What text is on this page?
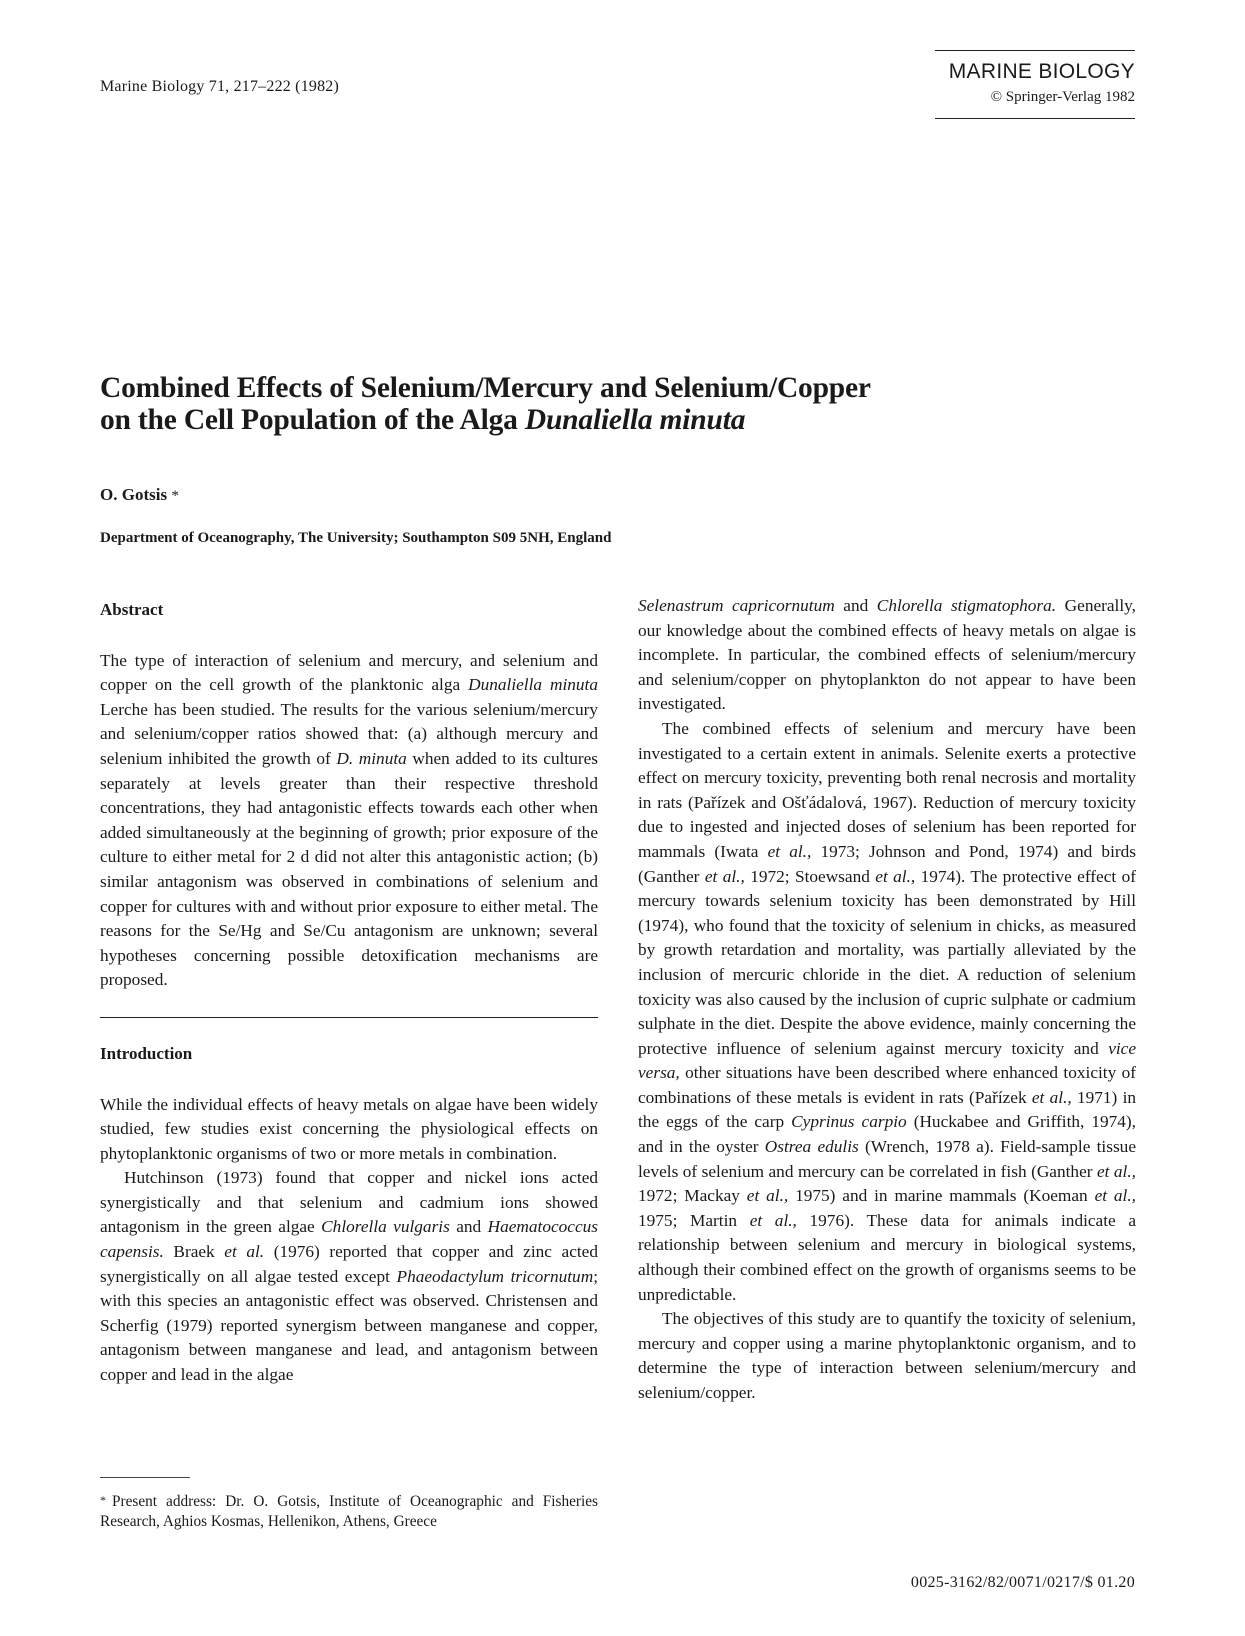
Marine Biology 71, 217–222 (1982)
MARINE BIOLOGY
© Springer-Verlag 1982
Combined Effects of Selenium/Mercury and Selenium/Copper
on the Cell Population of the Alga Dunaliella minuta
O. Gotsis *
Department of Oceanography, The University; Southampton S09 5NH, England
Abstract

The type of interaction of selenium and mercury, and selenium and copper on the cell growth of the planktonic alga Dunaliella minuta Lerche has been studied. The results for the various selenium/mercury and selenium/copper ratios showed that: (a) although mercury and selenium inhibited the growth of D. minuta when added to its cultures separately at levels greater than their respective threshold concentrations, they had antagonistic effects towards each other when added simultaneously at the beginning of growth; prior exposure of the culture to either metal for 2 d did not alter this antagonistic action; (b) similar antagonism was observed in combinations of selenium and copper for cultures with and without prior exposure to either metal. The reasons for the Se/Hg and Se/Cu antagonism are unknown; several hypotheses concerning possible detoxification mechanisms are proposed.

Introduction

While the individual effects of heavy metals on algae have been widely studied, few studies exist concerning the physiological effects on phytoplanktonic organisms of two or more metals in combination.

Hutchinson (1973) found that copper and nickel ions acted synergistically and that selenium and cadmium ions showed antagonism in the green algae Chlorella vulgaris and Haematococcus capensis. Braek et al. (1976) reported that copper and zinc acted synergistically on all algae tested except Phaeodactylum tricornutum; with this species an antagonistic effect was observed. Christensen and Scherfig (1979) reported synergism between manganese and copper, antagonism between manganese and lead, and antagonism between copper and lead in the algae

* Present address: Dr. O. Gotsis, Institute of Oceanographic and Fisheries Research, Aghios Kosmas, Hellenikon, Athens, Greece

Selenastrum capricornutum and Chlorella stigmatophora. Generally, our knowledge about the combined effects of heavy metals on algae is incomplete. In particular, the combined effects of selenium/mercury and selenium/copper on phytoplankton do not appear to have been investigated.

The combined effects of selenium and mercury have been investigated to a certain extent in animals. Selenite exerts a protective effect on mercury toxicity, preventing both renal necrosis and mortality in rats (Pařízek and Ošťádalová, 1967). Reduction of mercury toxicity due to ingested and injected doses of selenium has been reported for mammals (Iwata et al., 1973; Johnson and Pond, 1974) and birds (Ganther et al., 1972; Stoewsand et al., 1974). The protective effect of mercury towards selenium toxicity has been demonstrated by Hill (1974), who found that the toxicity of selenium in chicks, as measured by growth retardation and mortality, was partially alleviated by the inclusion of mercuric chloride in the diet. A reduction of selenium toxicity was also caused by the inclusion of cupric sulphate or cadmium sulphate in the diet. Despite the above evidence, mainly concerning the protective influence of selenium against mercury toxicity and vice versa, other situations have been described where enhanced toxicity of combinations of these metals is evident in rats (Pařízek et al., 1971) in the eggs of the carp Cyprinus carpio (Huckabee and Griffith, 1974), and in the oyster Ostrea edulis (Wrench, 1978 a). Field-sample tissue levels of selenium and mercury can be correlated in fish (Ganther et al., 1972; Mackay et al., 1975) and in marine mammals (Koeman et al., 1975; Martin et al., 1976). These data for animals indicate a relationship between selenium and mercury in biological systems, although their combined effect on the growth of organisms seems to be unpredictable.

The objectives of this study are to quantify the toxicity of selenium, mercury and copper using a marine phytoplanktonic organism, and to determine the type of interaction between selenium/mercury and selenium/copper.

0025-3162/82/0071/0217/$ 01.20
